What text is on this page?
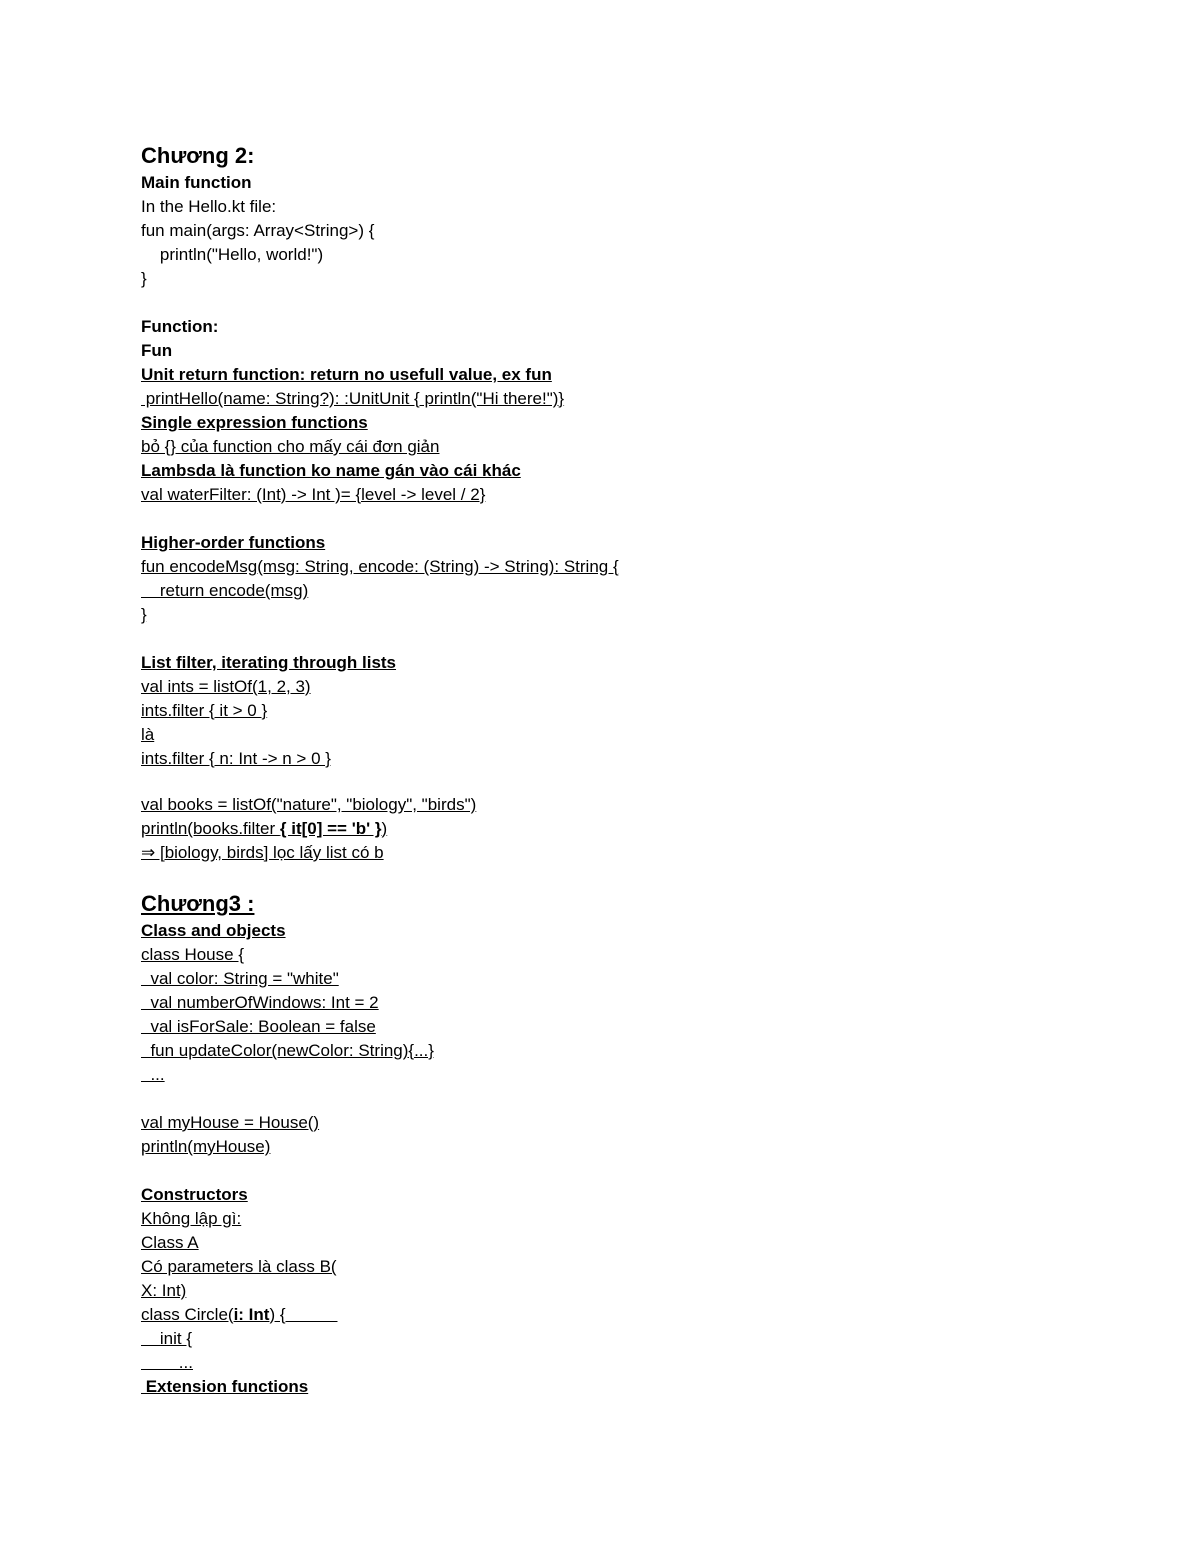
Chương 2:
Main function
In the Hello.kt file:
fun main(args: Array<String>) {
println("Hello, world!")
}
Function:
Fun
Unit return function: return no usefull value, ex fun
printHello(name: String?): :UnitUnit { println("Hi there!")}
Single expression functions
bỏ {} của function cho mấy cái đơn giản
Lambsda là function ko name gán vào cái khác
val waterFilter: (Int) -> Int )= {level -> level / 2}
Higher-order functions
fun encodeMsg(msg: String, encode: (String) -> String): String {
return encode(msg)
}
List filter, iterating through lists
val ints = listOf(1, 2, 3)
ints.filter { it > 0 }
là
ints.filter { n: Int -> n > 0 }
val books = listOf("nature", "biology", "birds")
println(books.filter { it[0] == 'b' })
⇒ [biology, birds] lọc lấy list có b
Chương3 :
Class and objects
class House {
val color: String = "white"
val numberOfWindows: Int = 2
val isForSale: Boolean = false
fun updateColor(newColor: String){...}
...
val myHouse = House()
println(myHouse)
Constructors
Không lập gì:
Class A
Có parameters là class B(
X: Int)
class Circle(i: Int) {
init {
...
Extension functions
